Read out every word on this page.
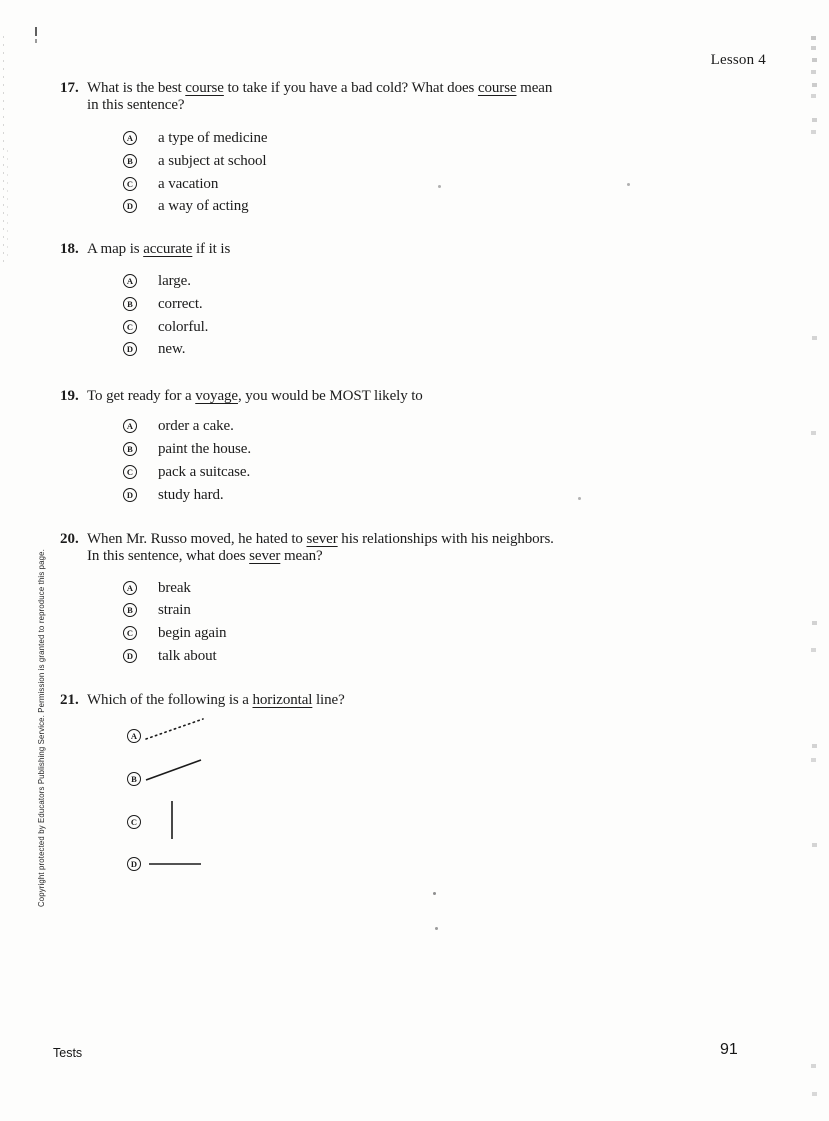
Lesson 4
Copyright protected by Educators Publishing Service. Permission is granted to reproduce this page.
Tests	91
17. What is the best course to take if you have a bad cold? What does course mean
in this sentence?
A a type of medicine
B a subject at school
C a vacation
D a way of acting
18. A map is accurate if it is
A large.
B correct.
C colorful.
D new.
19. To get ready for a voyage, you would be MOST likely to
A order a cake.
B paint the house.
C pack a suitcase.
D study hard.
20. When Mr. Russo moved, he hated to sever his relationships with his neighbors.
In this sentence, what does sever mean?
A break
B strain
C begin again
D talk about
21. Which of the following is a horizontal line?
A
B
C
D
